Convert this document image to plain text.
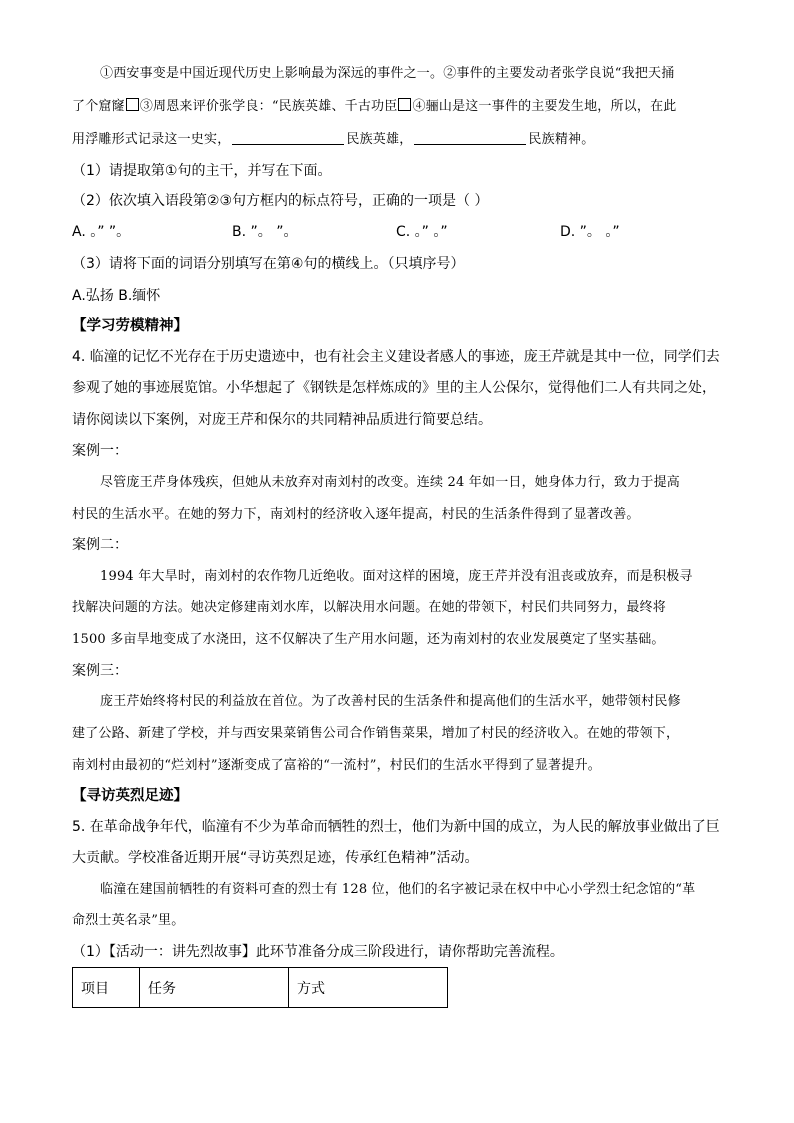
①西安事变是中国近现代历史上影响最为深远的事件之一。②事件的主要发动者张学良说“我把天捅
了个窟窿 ③周恩来评价张学良：“民族英雄、千古功臣 ④骊山是这一事件的主要发生地，所以，在此
用浮雕形式记录这一史实，	民族英雄，	民族精神。
（1）请提取第①句的主干，并写在下面。
（2）依次填入语段第②③句方框内的标点符号，正确的一项是（ ）
A. 。” ”。	B. ”。 ”。	C. 。” 。”	D. ”。 。”
（3）请将下面的词语分别填写在第④句的横线上。（只填序号）
A.弘扬 B.缅怀
【学习劳模精神】
4. 临潼的记忆不光存在于历史遗迹中，也有社会主义建设者感人的事迹，庞王芹就是其中一位，同学们去
参观了她的事迹展览馆。小华想起了《钢铁是怎样炼成的》里的主人公保尔，觉得他们二人有共同之处，
请你阅读以下案例，对庞王芹和保尔的共同精神品质进行简要总结。
案例一：
尽管庞王芹身体残疾，但她从未放弃对南刘村的改变。连续 24 年如一日，她身体力行，致力于提高
村民的生活水平。在她的努力下，南刘村的经济收入逐年提高，村民的生活条件得到了显著改善。
案例二：
1994 年大旱时，南刘村的农作物几近绝收。面对这样的困境，庞王芹并没有沮丧或放弃，而是积极寻
找解决问题的方法。她决定修建南刘水库，以解决用水问题。在她的带领下，村民们共同努力，最终将
1500 多亩旱地变成了水浇田，这不仅解决了生产用水问题，还为南刘村的农业发展奠定了坚实基础。
案例三：
庞王芹始终将村民的利益放在首位。为了改善村民的生活条件和提高他们的生活水平，她带领村民修
建了公路、新建了学校，并与西安果菜销售公司合作销售菜果，增加了村民的经济收入。在她的带领下，
南刘村由最初的“烂刘村”逐渐变成了富裕的“一流村”，村民们的生活水平得到了显著提升。
【寻访英烈足迹】
5. 在革命战争年代，临潼有不少为革命而牺牲的烈士，他们为新中国的成立，为人民的解放事业做出了巨
大贡献。学校准备近期开展“寻访英烈足迹，传承红色精神”活动。
临潼在建国前牺牲的有资料可查的烈士有 128 位，他们的名字被记录在权中中心小学烈士纪念馆的“革
命烈士英名录”里。
（1）【活动一：讲先烈故事】此环节准备分成三阶段进行，请你帮助完善流程。
项目	任务	方式
